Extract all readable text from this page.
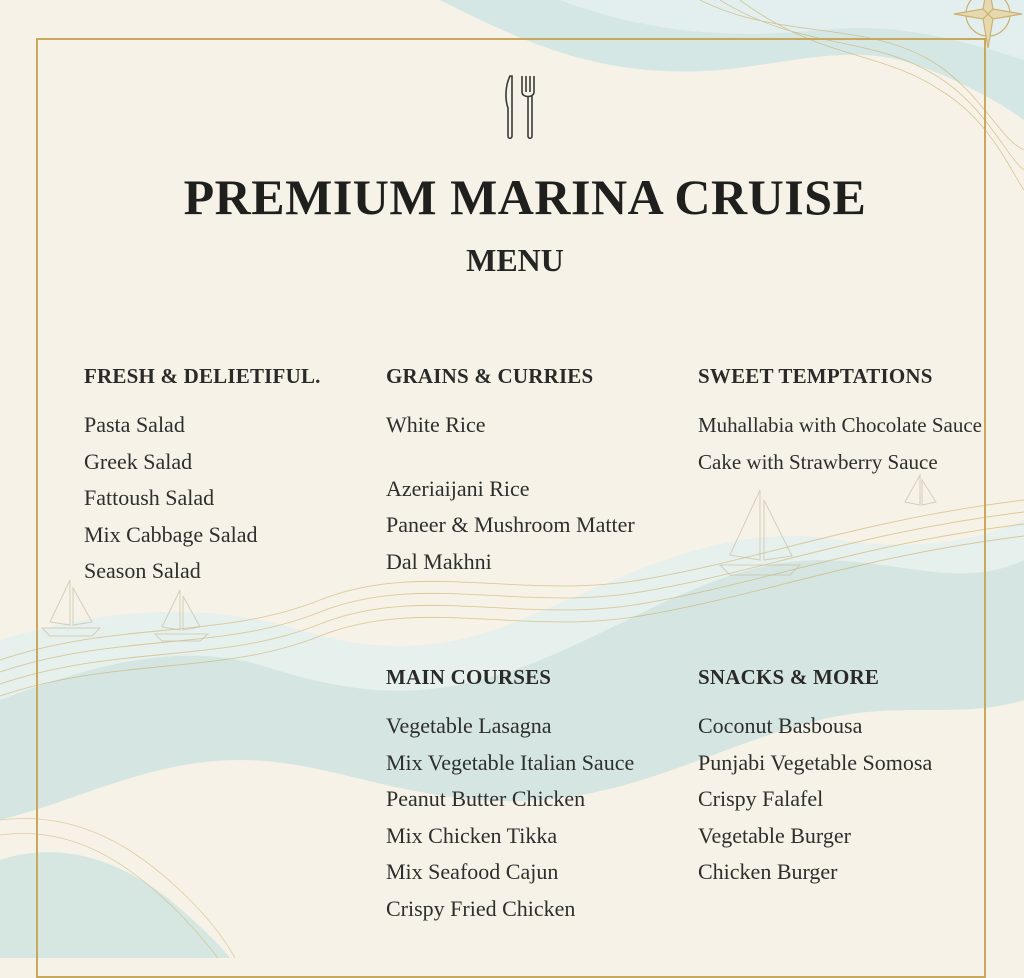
PREMIUM MARINA CRUISE
MENU
FRESH & DELIETIFUL.
Pasta Salad
Greek Salad
Fattoush Salad
Mix Cabbage Salad
Season Salad
GRAINS & CURRIES
White Rice
Azeriaijani Rice
Paneer & Mushroom Matter
Dal Makhni
SWEET TEMPTATIONS
Muhallabia with Chocolate Sauce
Cake with Strawberry Sauce
MAIN COURSES
Vegetable Lasagna
Mix Vegetable Italian Sauce
Peanut Butter Chicken
Mix Chicken Tikka
Mix Seafood Cajun
Crispy Fried Chicken
SNACKS & MORE
Coconut Basbousa
Punjabi Vegetable Somosa
Crispy Falafel
Vegetable Burger
Chicken Burger
